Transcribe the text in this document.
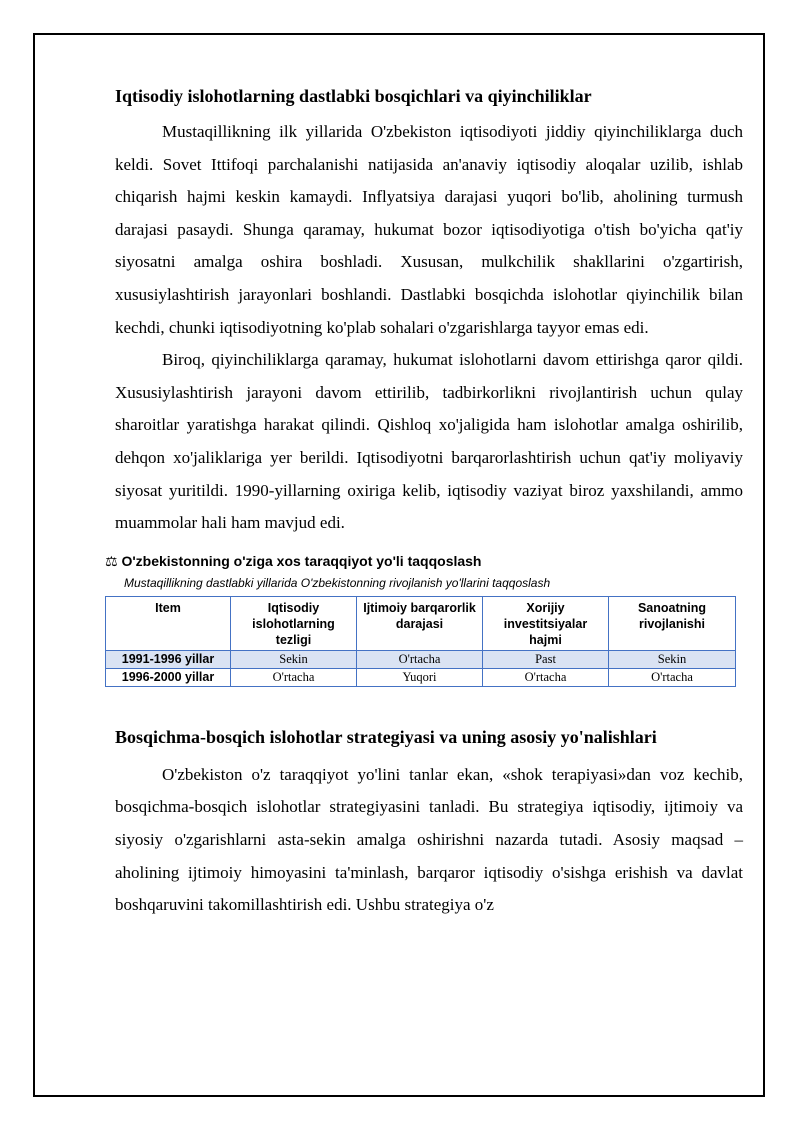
Iqtisodiy islohotlarning dastlabki bosqichlari va qiyinchiliklar

Mustaqillikning ilk yillarida O'zbekiston iqtisodiyoti jiddiy qiyinchiliklarga duch keldi. Sovet Ittifoqi parchalanishi natijasida an'anaviy iqtisodiy aloqalar uzilib, ishlab chiqarish hajmi keskin kamaydi. Inflyatsiya darajasi yuqori bo'lib, aholining turmush darajasi pasaydi. Shunga qaramay, hukumat bozor iqtisodiyotiga o'tish bo'yicha qat'iy siyosatni amalga oshira boshladi. Xususan, mulkchilik shakllarini o'zgartirish, xususiylashtirish jarayonlari boshlandi. Dastlabki bosqichda islohotlar qiyinchilik bilan kechdi, chunki iqtisodiyotning ko'plab sohalari o'zgarishlarga tayyor emas edi.

Biroq, qiyinchiliklarga qaramay, hukumat islohotlarni davom ettirishga qaror qildi. Xususiylashtirish jarayoni davom ettirilib, tadbirkorlikni rivojlantirish uchun qulay sharoitlar yaratishga harakat qilindi. Qishloq xo'jaligida ham islohotlar amalga oshirilib, dehqon xo'jaliklariga yer berildi. Iqtisodiyotni barqarorlashtirish uchun qat'iy moliyaviy siyosat yuritildi. 1990-yillarning oxiriga kelib, iqtisodiy vaziyat biroz yaxshilandi, ammo muammolar hali ham mavjud edi.

⚖ O'zbekistonning o'ziga xos taraqqiyot yo'li taqqoslash

Mustaqillikning dastlabki yillarida O'zbekistonning rivojlanish yo'llarini taqqoslash

Item	Iqtisodiy islohotlarning tezligi	Ijtimoiy barqarorlik darajasi	Xorijiy investitsiyalar hajmi	Sanoatning rivojlanishi
1991-1996 yillar	Sekin	O'rtacha	Past	Sekin
1996-2000 yillar	O'rtacha	Yuqori	O'rtacha	O'rtacha
Bosqichma-bosqich islohotlar strategiyasi va uning asosiy yo'nalishlari

O'zbekiston o'z taraqqiyot yo'lini tanlar ekan, «shok terapiyasi»dan voz kechib, bosqichma-bosqich islohotlar strategiyasini tanladi. Bu strategiya iqtisodiy, ijtimoiy va siyosiy o'zgarishlarni asta-sekin amalga oshirishni nazarda tutadi. Asosiy maqsad – aholining ijtimoiy himoyasini ta'minlash, barqaror iqtisodiy o'sishga erishish va davlat boshqaruvini takomillashtirish edi. Ushbu strategiya o'z
